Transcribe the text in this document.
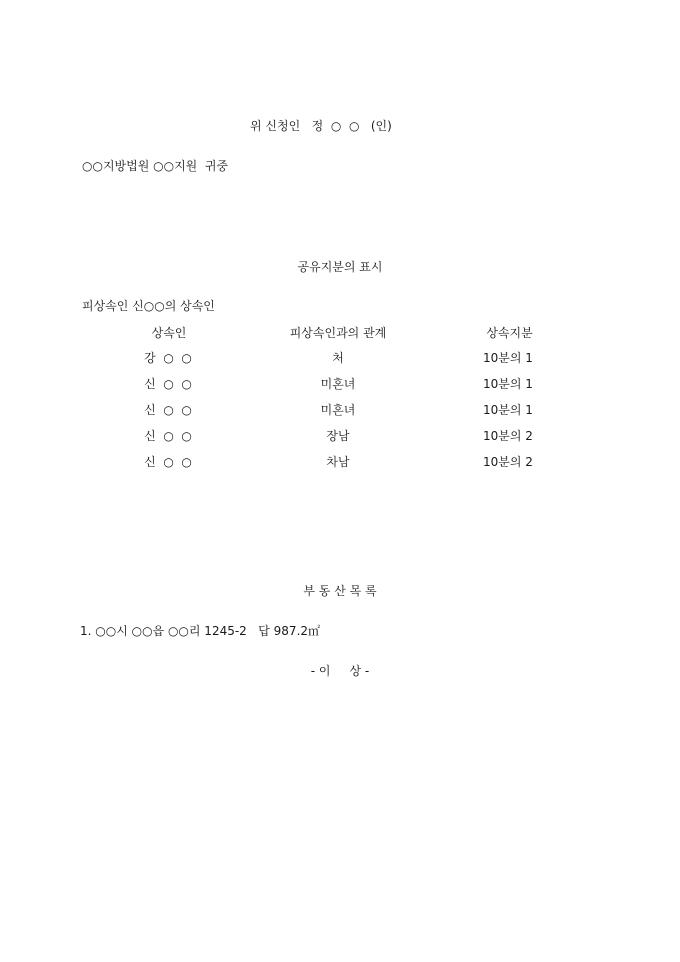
위 신청인   정  ○  ○   (인)
○○지방법원 ○○지원  귀중
공유지분의 표시
피상속인 신○○의 상속인
상속인	피상속인과의 관계	상속지분
강  ○  ○	처	10분의 1
신  ○  ○	미혼녀	10분의 1
신  ○  ○	미혼녀	10분의 1
신  ○  ○	장남	10분의 2
신  ○  ○	차남	10분의 2
부 동 산 목 록
1. ○○시 ○○읍 ○○리 1245-2   답 987.2㎡
- 이     상 -
